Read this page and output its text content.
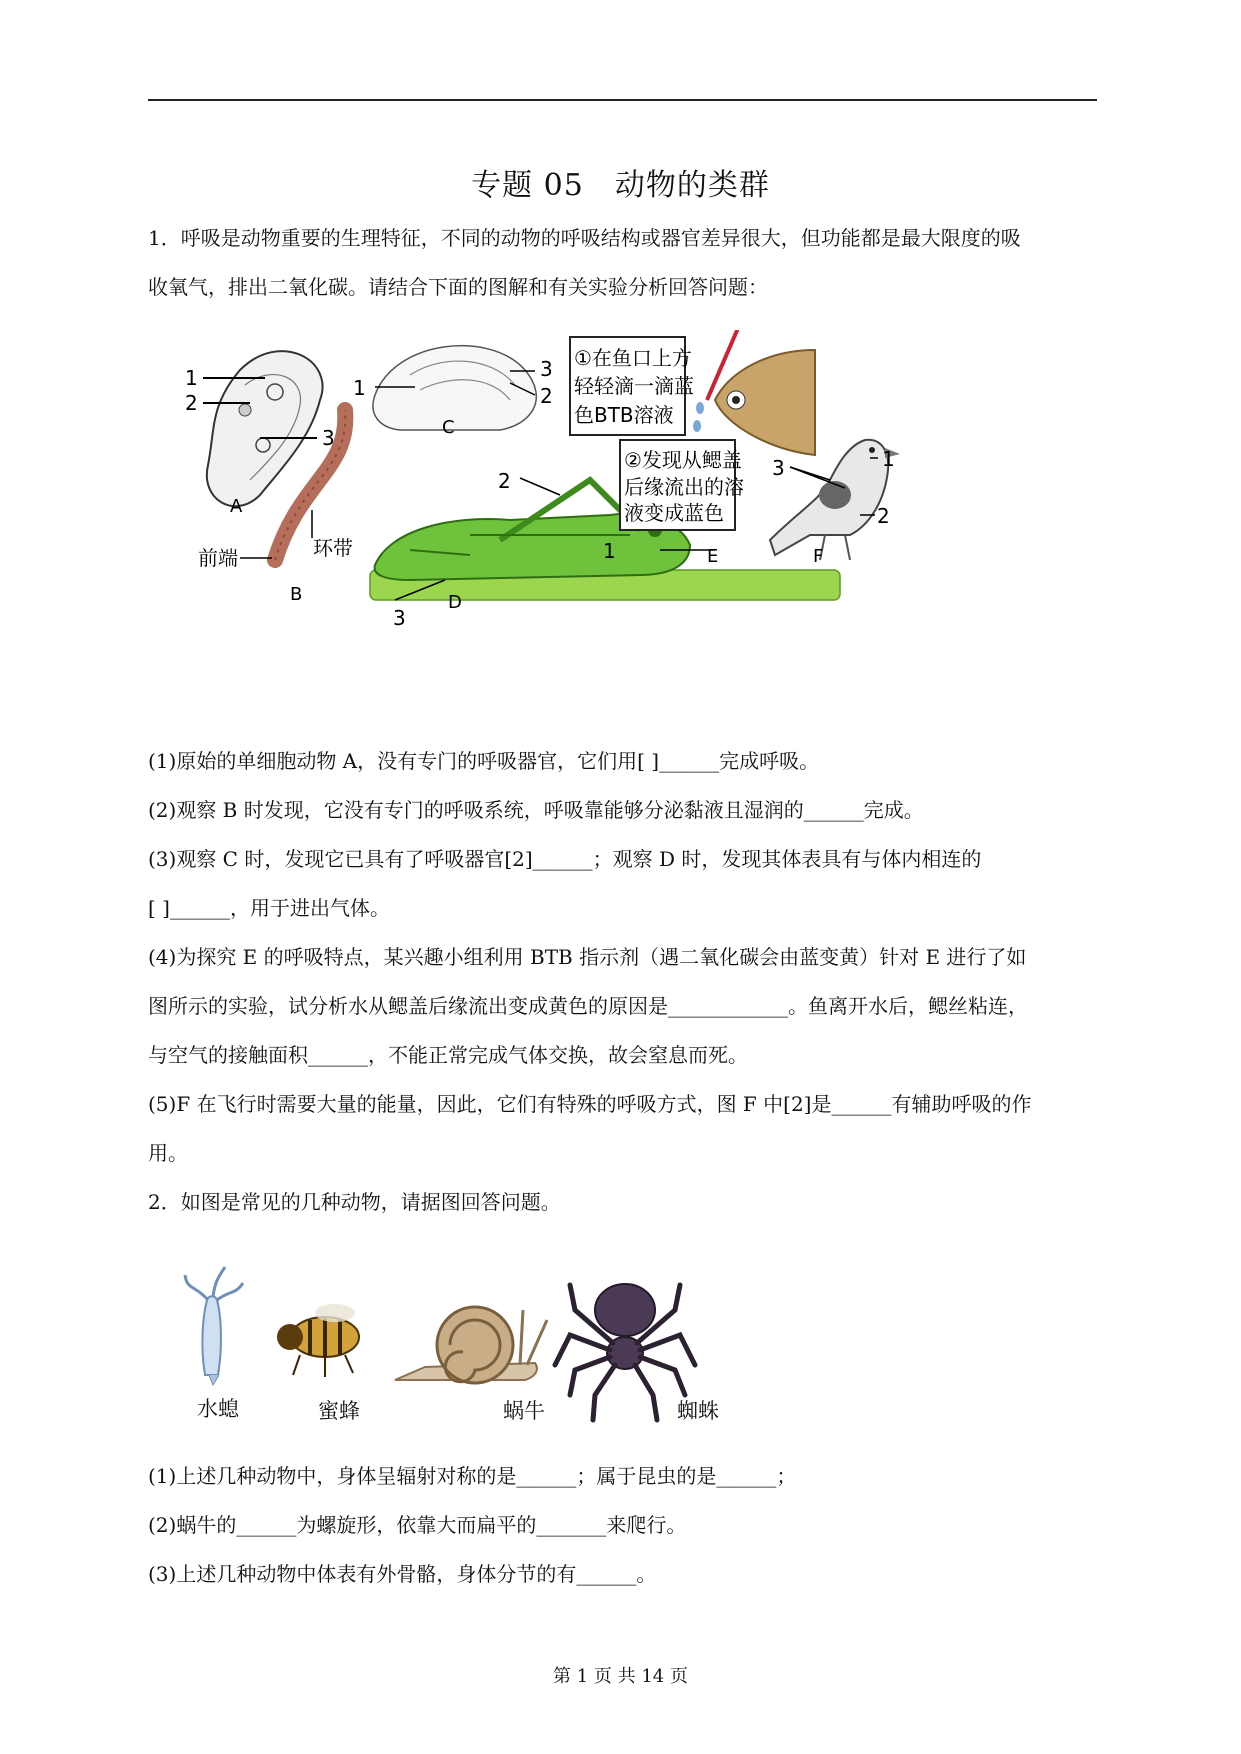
专题 05　动物的类群
1．呼吸是动物重要的生理特征，不同的动物的呼吸结构或器官差异很大，但功能都是最大限度的吸
收氧气，排出二氧化碳。请结合下面的图解和有关实验分析回答问题：
1
2
3
A
1	2
3
C
前端	环带
B
1
2
3
D
①在鱼口上方
轻轻滴一滴蓝
色BTB溶液
②发现从鳃盖
后缘流出的溶
液变成蓝色
E
1
2
3
F
(1)原始的单细胞动物 A，没有专门的呼吸器官，它们用[ ]______完成呼吸。
(2)观察 B 时发现，它没有专门的呼吸系统，呼吸靠能够分泌黏液且湿润的______完成。
(3)观察 C 时，发现它已具有了呼吸器官[2]______；观察 D 时，发现其体表具有与体内相连的
[ ]______，用于进出气体。
(4)为探究 E 的呼吸特点，某兴趣小组利用 BTB 指示剂（遇二氧化碳会由蓝变黄）针对 E 进行了如
图所示的实验，试分析水从鳃盖后缘流出变成黄色的原因是____________。鱼离开水后，鳃丝粘连，
与空气的接触面积______，不能正常完成气体交换，故会窒息而死。
(5)F 在飞行时需要大量的能量，因此，它们有特殊的呼吸方式，图 F 中[2]是______有辅助呼吸的作
用。
2．如图是常见的几种动物，请据图回答问题。
水螅	蜜蜂	蜗牛	蜘蛛
(1)上述几种动物中，身体呈辐射对称的是______；属于昆虫的是______；
(2)蜗牛的______为螺旋形，依靠大而扁平的_______来爬行。
(3)上述几种动物中体表有外骨骼，身体分节的有______。
第 1 页 共 14 页
